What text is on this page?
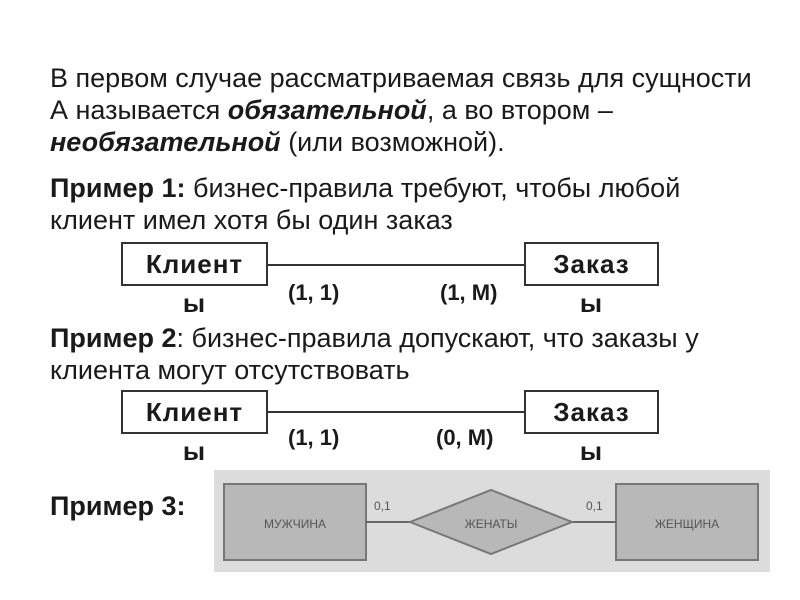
В первом случае рассматриваемая связь для сущности А называется обязательной, а во втором – необязательной (или возможной).
Пример 1: бизнес-правила требуют, чтобы любой клиент имел хотя бы один заказ
Клиент
ы
Заказ
ы
(1, 1)	(1, M)
Пример 2: бизнес-правила допускают, что заказы у клиента могут отсутствовать
Клиент
ы
Заказ
ы
(1, 1)	(0, M)
Пример 3:
МУЖЧИНА	ЖЕНАТЫ	ЖЕНЩИНА
0,1	0,1
